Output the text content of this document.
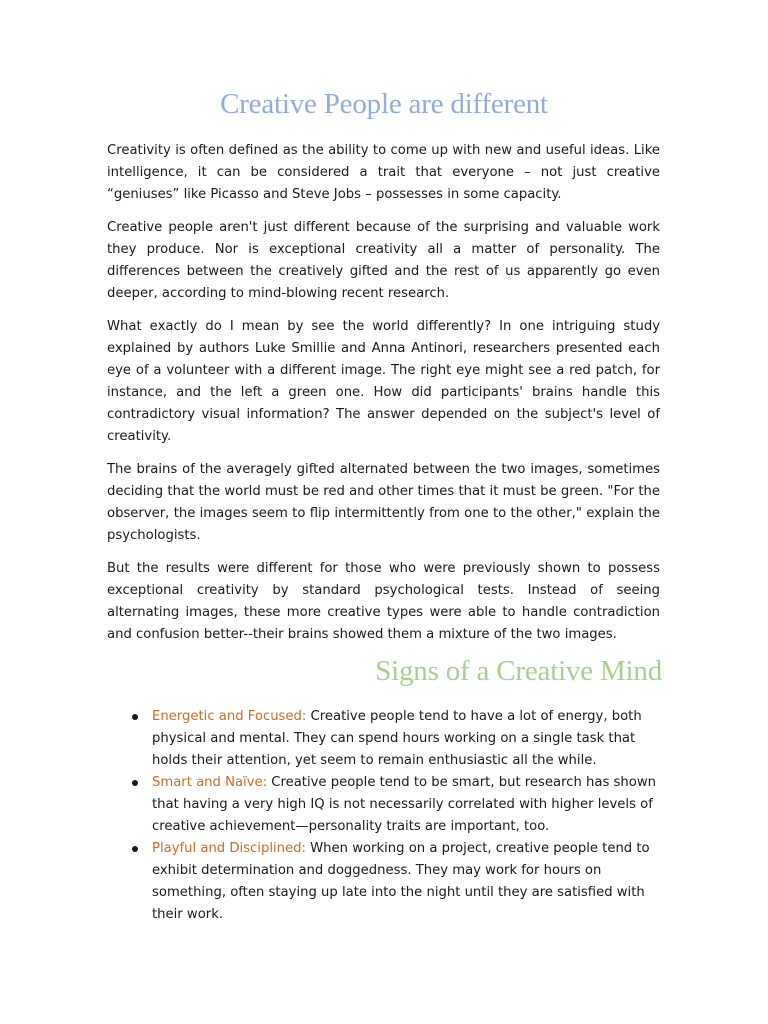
Creative People are different

Creativity is often defined as the ability to come up with new and useful ideas. Like intelligence, it can be considered a trait that everyone – not just creative “geniuses” like Picasso and Steve Jobs – possesses in some capacity.

Creative people aren't just different because of the surprising and valuable work they produce. Nor is exceptional creativity all a matter of personality. The differences between the creatively gifted and the rest of us apparently go even deeper, according to mind-blowing recent research.

What exactly do I mean by see the world differently? In one intriguing study explained by authors Luke Smillie and Anna Antinori, researchers presented each eye of a volunteer with a different image. The right eye might see a red patch, for instance, and the left a green one. How did participants' brains handle this contradictory visual information? The answer depended on the subject's level of creativity.

The brains of the averagely gifted alternated between the two images, sometimes deciding that the world must be red and other times that it must be green. "For the observer, the images seem to flip intermittently from one to the other," explain the psychologists.

But the results were different for those who were previously shown to possess exceptional creativity by standard psychological tests. Instead of seeing alternating images, these more creative types were able to handle contradiction and confusion better--their brains showed them a mixture of the two images.

Signs of a Creative Mind
Energetic and Focused: Creative people tend to have a lot of energy, both physical and mental. They can spend hours working on a single task that holds their attention, yet seem to remain enthusiastic all the while.
Smart and Naïve: Creative people tend to be smart, but research has shown that having a very high IQ is not necessarily correlated with higher levels of creative achievement—personality traits are important, too.
Playful and Disciplined: When working on a project, creative people tend to exhibit determination and doggedness. They may work for hours on something, often staying up late into the night until they are satisfied with their work.
